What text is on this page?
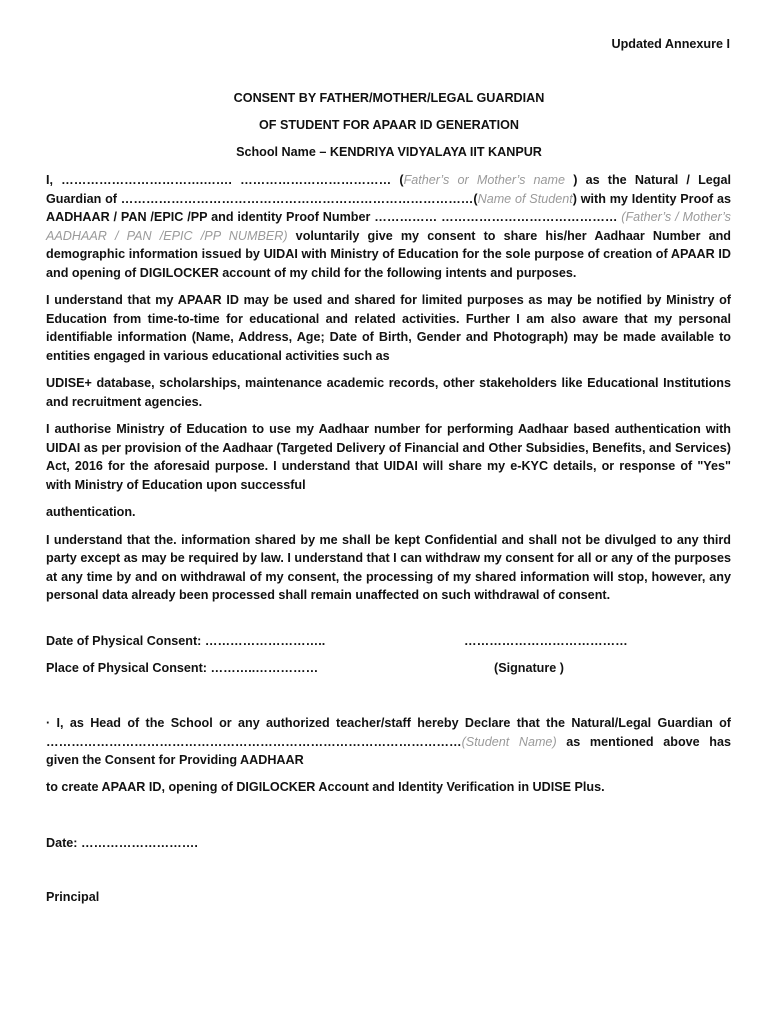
Updated Annexure I
CONSENT BY FATHER/MOTHER/LEGAL GUARDIAN
OF STUDENT FOR APAAR ID GENERATION
School Name – KENDRIYA VIDYALAYA IIT KANPUR

I, …………………………….……. ……………………………… (Father’s or Mother’s name ) as the Natural / Legal Guardian of …………………………………………………………………………(Name of Student) with my Identity Proof as AADHAAR / PAN /EPIC /PP and identity Proof Number …………… …………………………………… (Father’s / Mother’s AADHAAR / PAN /EPIC /PP NUMBER) voluntarily give my consent to share his/her Aadhaar Number and demographic information issued by UIDAI with Ministry of Education for the sole purpose of creation of APAAR ID and opening of DIGILOCKER account of my child for the following intents and purposes.

I understand that my APAAR ID may be used and shared for limited purposes as may be notified by Ministry of Education from time-to-time for educational and related activities. Further I am also aware that my personal identifiable information (Name, Address, Age; Date of Birth, Gender and Photograph) may be made available to entities engaged in various educational activities such as

UDISE+ database, scholarships, maintenance academic records, other stakeholders like Educational Institutions and recruitment agencies.

I authorise Ministry of Education to use my Aadhaar number for performing Aadhaar based authentication with UIDAI as per provision of the Aadhaar (Targeted Delivery of Financial and Other Subsidies, Benefits, and Services) Act, 2016 for the aforesaid purpose. I understand that UIDAI will share my e-KYC details, or response of "Yes" with Ministry of Education upon successful

authentication.

I understand that the. information shared by me shall be kept Confidential and shall not be divulged to any third party except as may be required by law. I understand that I can withdraw my consent for all or any of the purposes at any time by and on withdrawal of my consent, the processing of my shared information will stop, however, any personal data already been processed shall remain unaffected on such withdrawal of consent.

Date of Physical Consent: ………………………..	…………………………………
Place of Physical Consent: ………..……………	(Signature )

· I, as Head of the School or any authorized teacher/staff hereby Declare that the Natural/Legal Guardian of ………………………………………………………………………………………(Student Name) as mentioned above has given the Consent for Providing AADHAAR

to create APAAR ID, opening of DIGILOCKER Account and Identity Verification in UDISE Plus.

Date: ……………………….
Principal
